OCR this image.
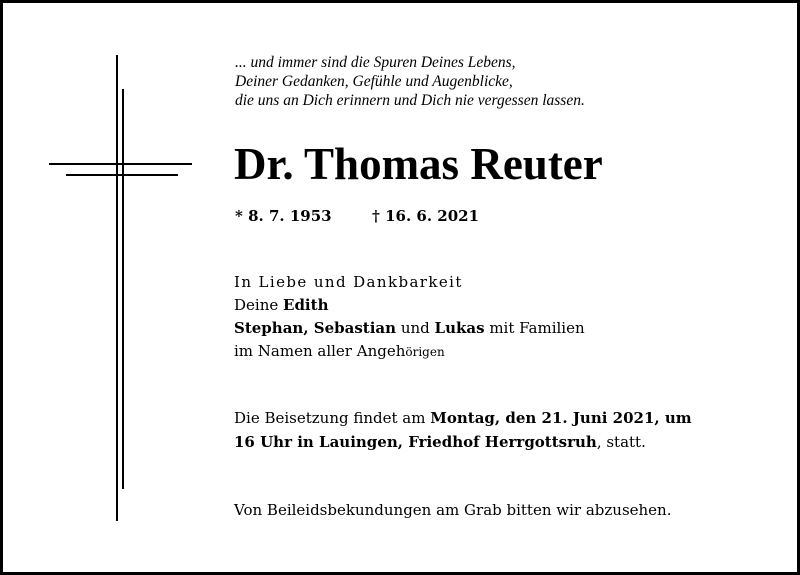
... und immer sind die Spuren Deines Lebens,
Deiner Gedanken, Gefühle und Augenblicke,
die uns an Dich erinnern und Dich nie vergessen lassen.
Dr. Thomas Reuter
* 8. 7. 1953	† 16. 6. 2021
In Liebe und Dankbarkeit
Deine Edith
Stephan, Sebastian und Lukas mit Familien
im Namen aller Angehörigen
Die Beisetzung findet am Montag, den 21. Juni 2021, um
16 Uhr in Lauingen, Friedhof Herrgottsruh, statt.
Von Beileidsbekundungen am Grab bitten wir abzusehen.
